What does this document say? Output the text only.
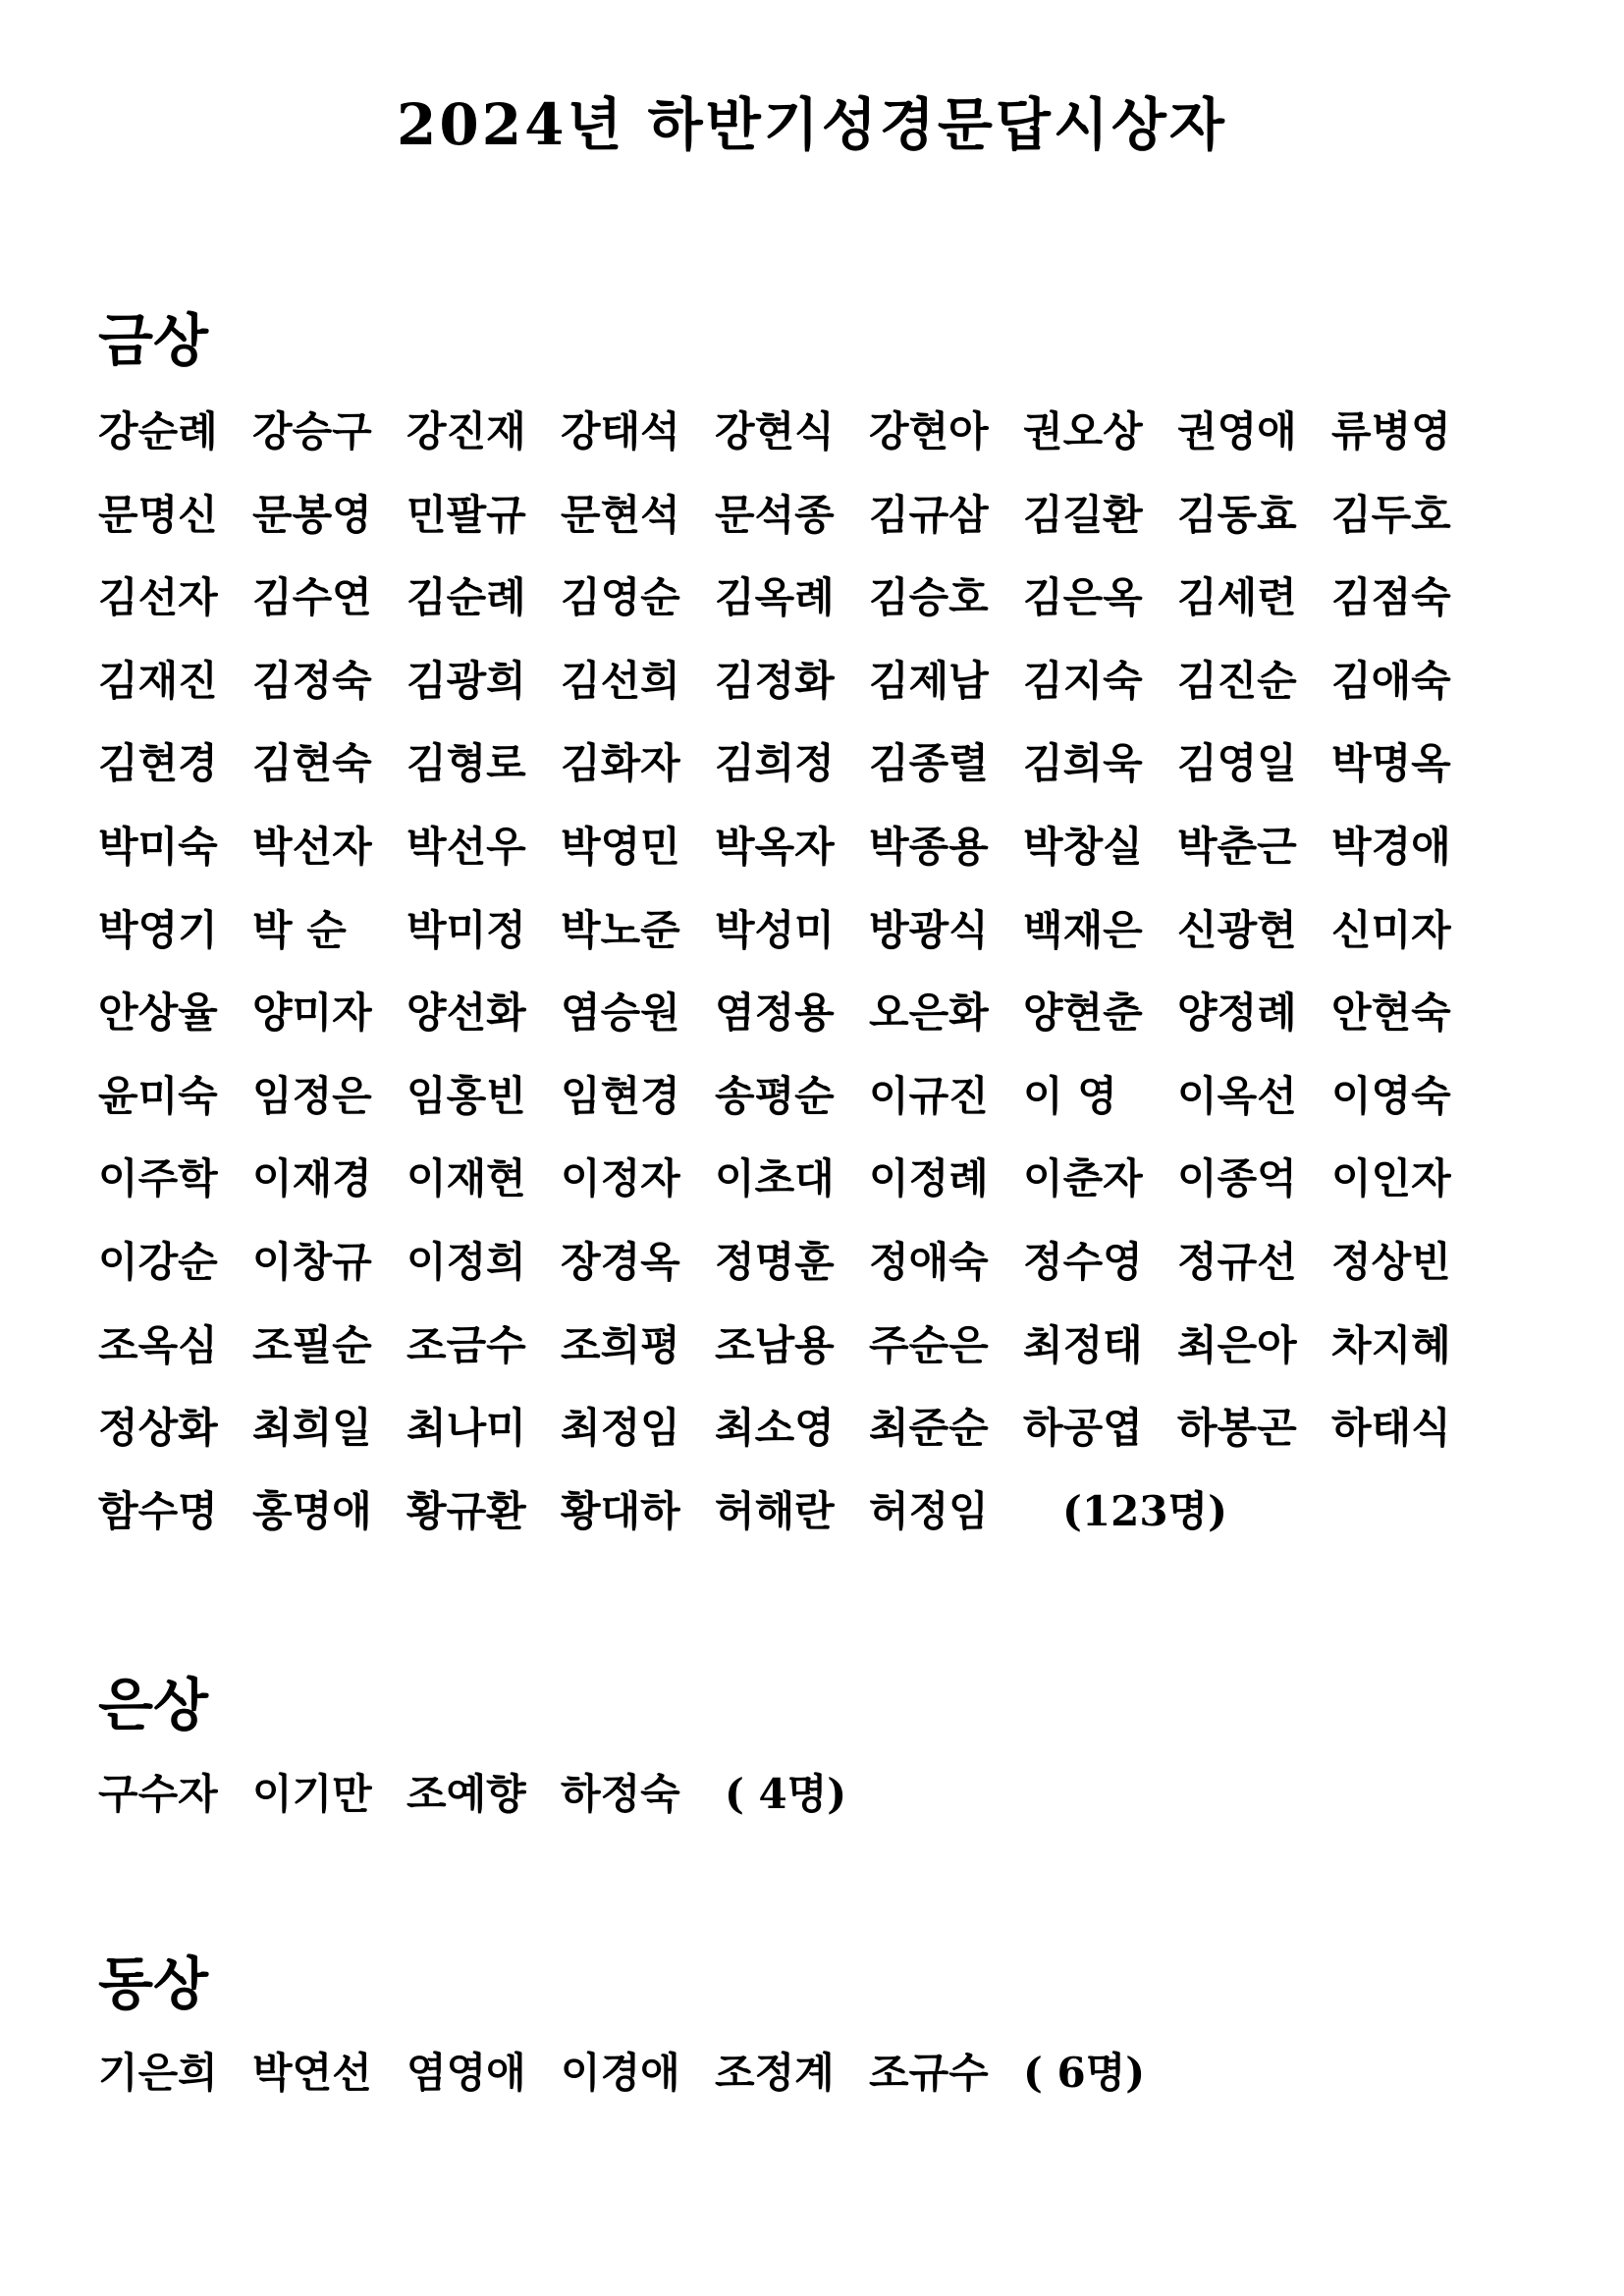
2024년 하반기성경문답시상자
금상
강순례 강승구 강진재 강태석 강현식 강현아 권오상 권영애 류병영
문명신 문봉영 민팔규 문현석 문석종 김규삼 김길환 김동효 김두호
김선자 김수연 김순례 김영순 김옥례 김승호 김은옥 김세련 김점숙
김재진 김정숙 김광희 김선희 김정화 김제남 김지숙 김진순 김애숙
김현경 김현숙 김형로 김화자 김희정 김종렬 김희욱 김영일 박명옥
박미숙 박선자 박선우 박영민 박옥자 박종용 박창실 박춘근 박경애
박영기 박 순 박미정 박노준 박성미 방광식 백재은 신광현 신미자
안상율 양미자 양선화 염승원 염정용 오은화 양현춘 양정례 안현숙
윤미숙 임정은 임홍빈 임현경 송평순 이규진 이 영 이옥선 이영숙
이주학 이재경 이재현 이정자 이초대 이정례 이춘자 이종억 이인자
이강순 이창규 이정희 장경옥 정명훈 정애숙 정수영 정규선 정상빈
조옥심 조필순 조금수 조희평 조남용 주순은 최정태 최은아 차지혜
정상화 최희일 최나미 최정임 최소영 최준순 하공엽 하봉곤 하태식
함수명 홍명애 황규환 황대하 허해란 허정임 (123명)
은상
구수자 이기만 조예향 하정숙 ( 4명)
동상
기은희 박연선 염영애 이경애 조정계 조규수 ( 6명)
